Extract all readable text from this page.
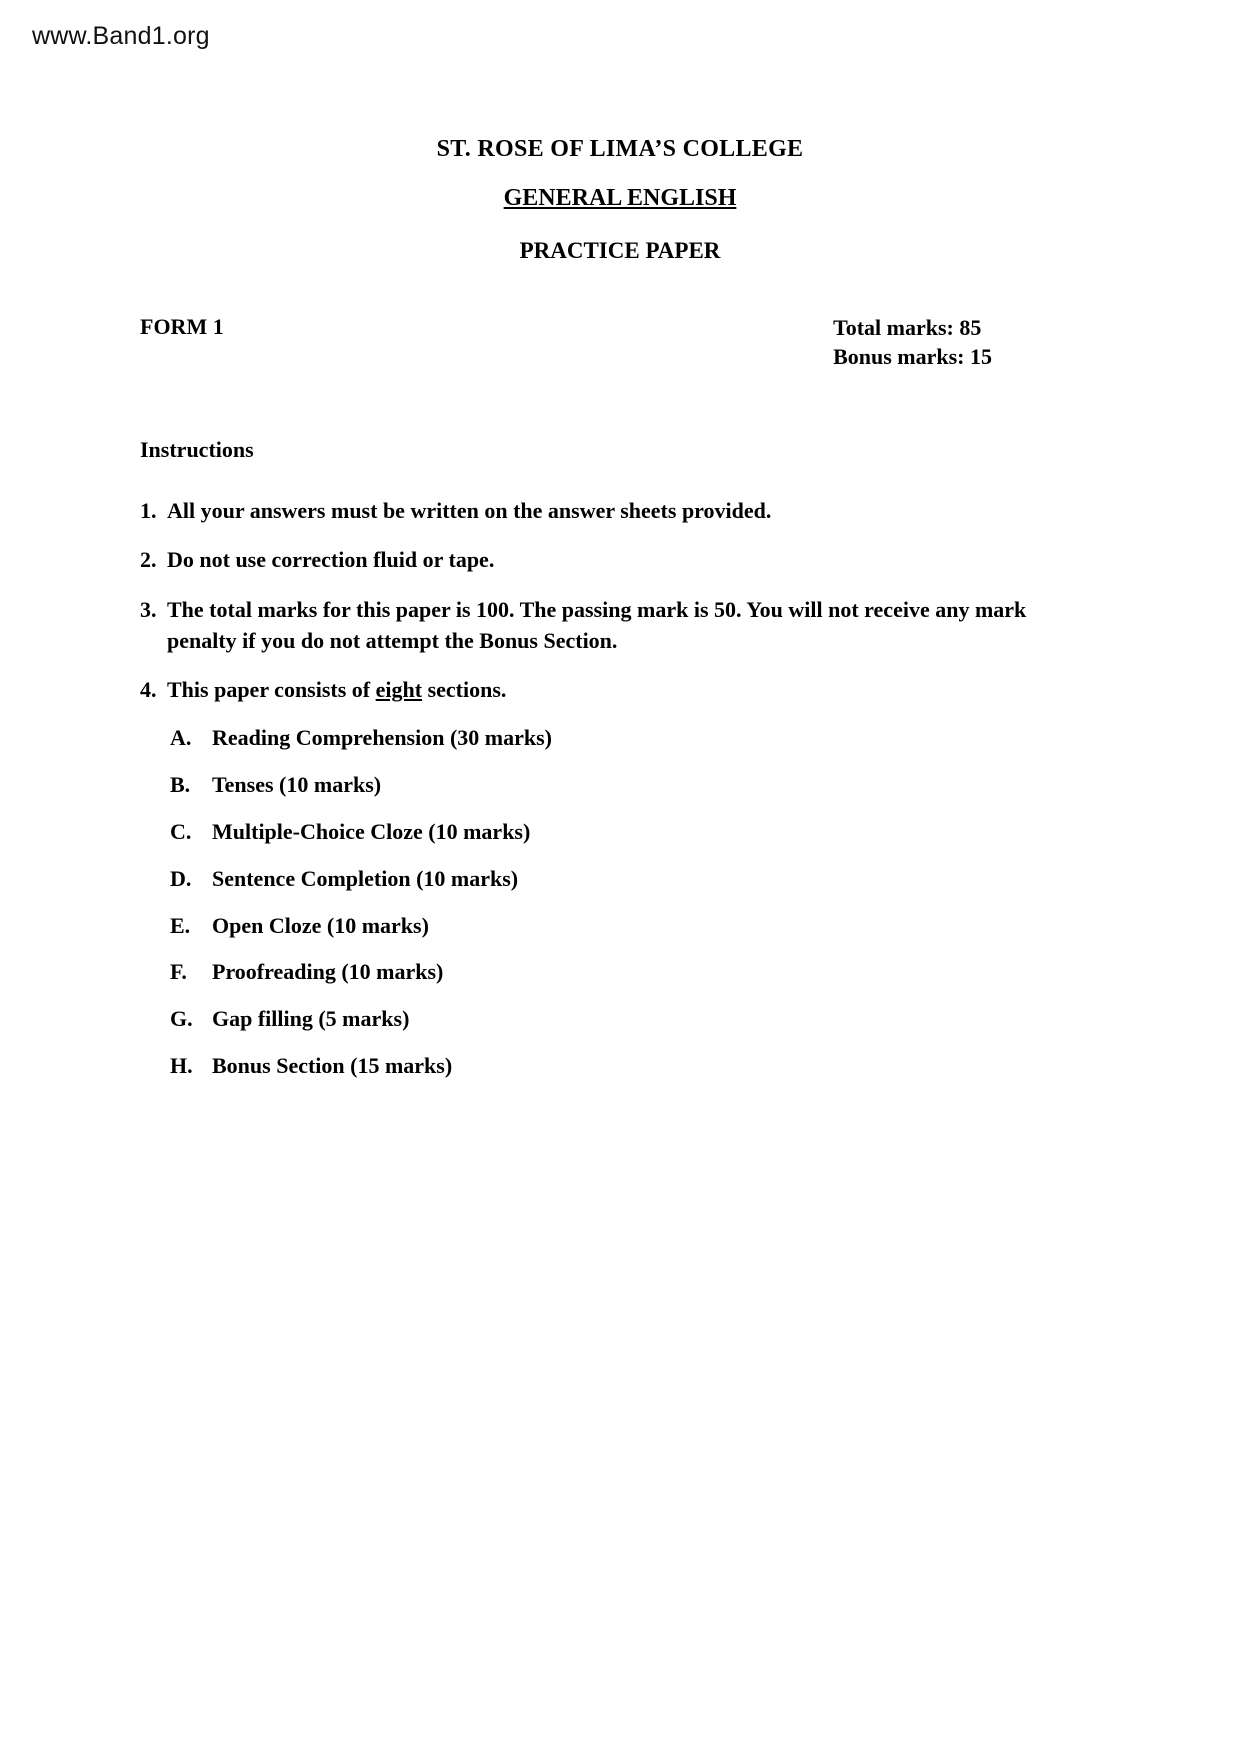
www.Band1.org
ST. ROSE OF LIMA’S COLLEGE
GENERAL ENGLISH
PRACTICE PAPER
FORM 1	Total marks: 85
Bonus marks: 15
Instructions
1. All your answers must be written on the answer sheets provided.
2. Do not use correction fluid or tape.
3. The total marks for this paper is 100. The passing mark is 50. You will not receive any mark penalty if you do not attempt the Bonus Section.
4. This paper consists of eight sections.
A. Reading Comprehension (30 marks)
B. Tenses (10 marks)
C. Multiple-Choice Cloze (10 marks)
D. Sentence Completion (10 marks)
E. Open Cloze (10 marks)
F.	Proofreading (10 marks)
G. Gap filling (5 marks)
H. Bonus Section (15 marks)
